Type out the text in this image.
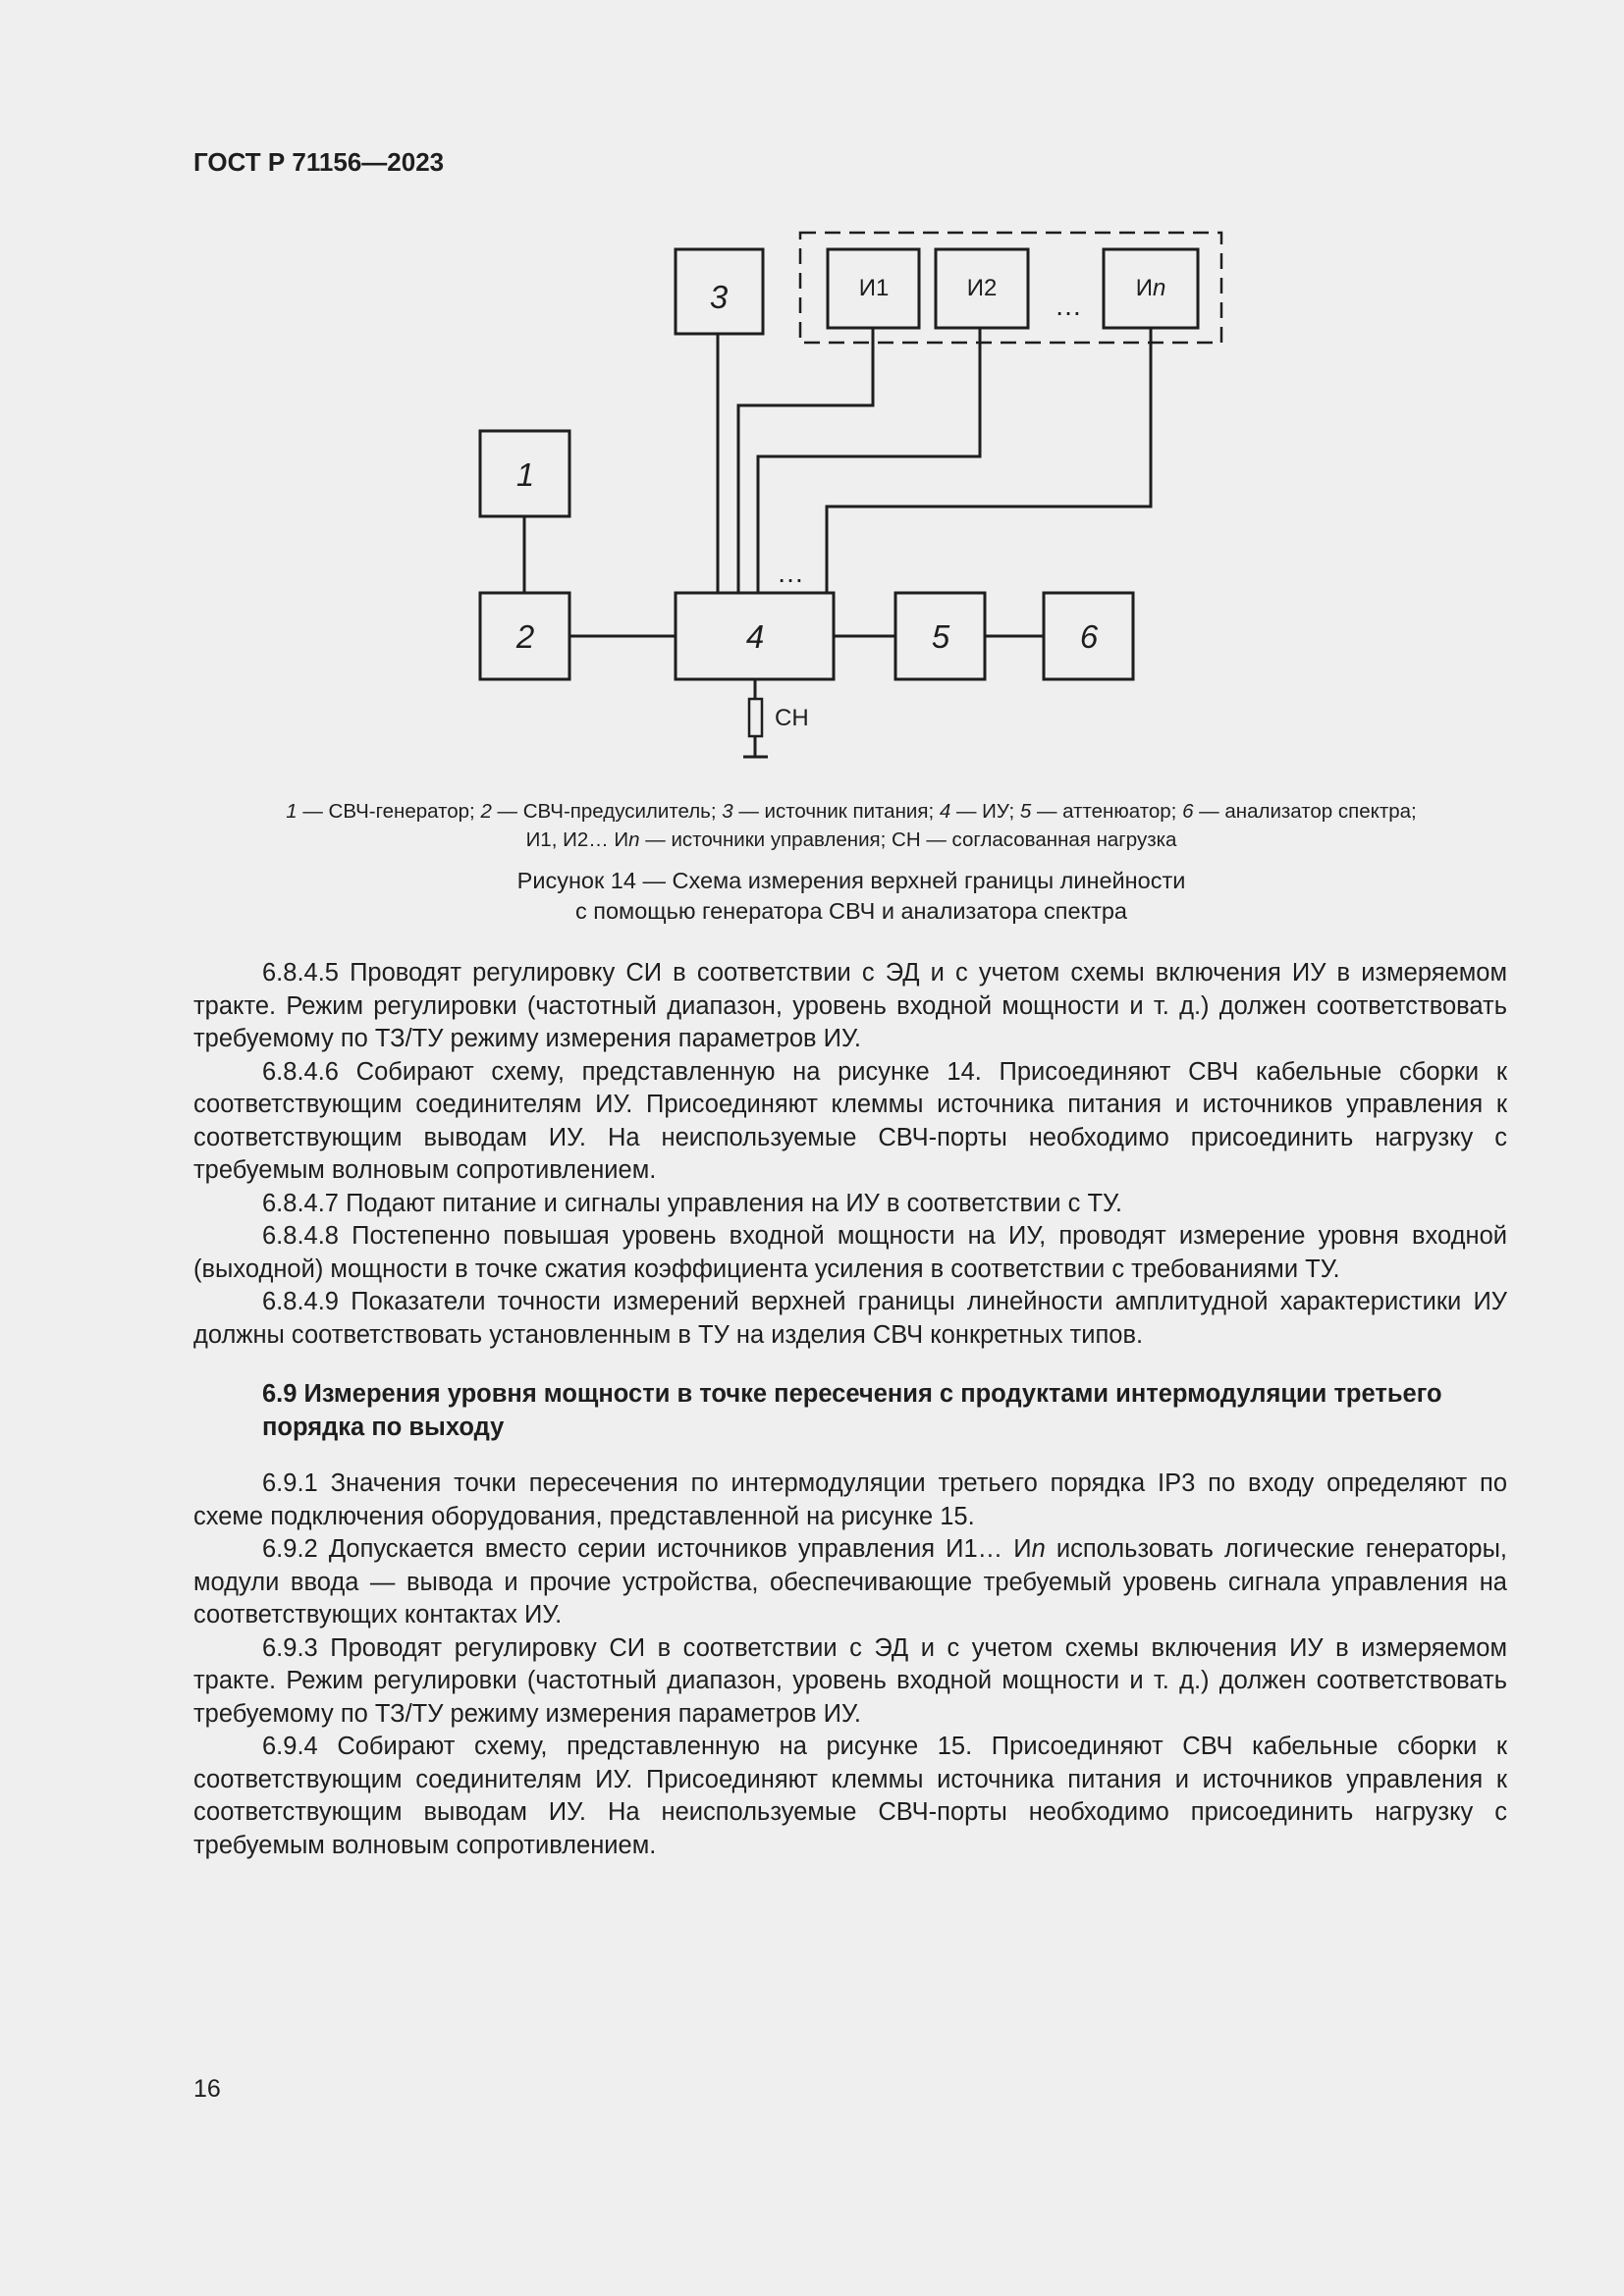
ГОСТ Р 71156—2023
3	И1	И2	Иn
…
1
2	4	5	6
…
СН
1 — СВЧ-генератор; 2 — СВЧ-предусилитель; 3 — источник питания; 4 — ИУ; 5 — аттенюатор; 6 — анализатор спектра;
И1, И2… Иn — источники управления; СН — согласованная нагрузка
Рисунок 14 — Схема измерения верхней границы линейности
с помощью генератора СВЧ и анализатора спектра

6.8.4.5 Проводят регулировку СИ в соответствии с ЭД и с учетом схемы включения ИУ в измеряемом тракте. Режим регулировки (частотный диапазон, уровень входной мощности и т. д.) должен соответствовать требуемому по ТЗ/ТУ режиму измерения параметров ИУ.

6.8.4.6 Собирают схему, представленную на рисунке 14. Присоединяют СВЧ кабельные сборки к соответствующим соединителям ИУ. Присоединяют клеммы источника питания и источников управления к соответствующим выводам ИУ. На неиспользуемые СВЧ-порты необходимо присоединить нагрузку с требуемым волновым сопротивлением.

6.8.4.7 Подают питание и сигналы управления на ИУ в соответствии с ТУ.

6.8.4.8 Постепенно повышая уровень входной мощности на ИУ, проводят измерение уровня входной (выходной) мощности в точке сжатия коэффициента усиления в соответствии с требованиями ТУ.

6.8.4.9 Показатели точности измерений верхней границы линейности амплитудной характеристики ИУ должны соответствовать установленным в ТУ на изделия СВЧ конкретных типов.

6.9 Измерения уровня мощности в точке пересечения с продуктами интермодуляции третьего порядка по выходу

6.9.1 Значения точки пересечения по интермодуляции третьего порядка IP3 по входу определяют по схеме подключения оборудования, представленной на рисунке 15.

6.9.2 Допускается вместо серии источников управления И1… Иn использовать логические генераторы, модули ввода — вывода и прочие устройства, обеспечивающие требуемый уровень сигнала управления на соответствующих контактах ИУ.

6.9.3 Проводят регулировку СИ в соответствии с ЭД и с учетом схемы включения ИУ в измеряемом тракте. Режим регулировки (частотный диапазон, уровень входной мощности и т. д.) должен соответствовать требуемому по ТЗ/ТУ режиму измерения параметров ИУ.

6.9.4 Собирают схему, представленную на рисунке 15. Присоединяют СВЧ кабельные сборки к соответствующим соединителям ИУ. Присоединяют клеммы источника питания и источников управления к соответствующим выводам ИУ. На неиспользуемые СВЧ-порты необходимо присоединить нагрузку с требуемым волновым сопротивлением.

16
